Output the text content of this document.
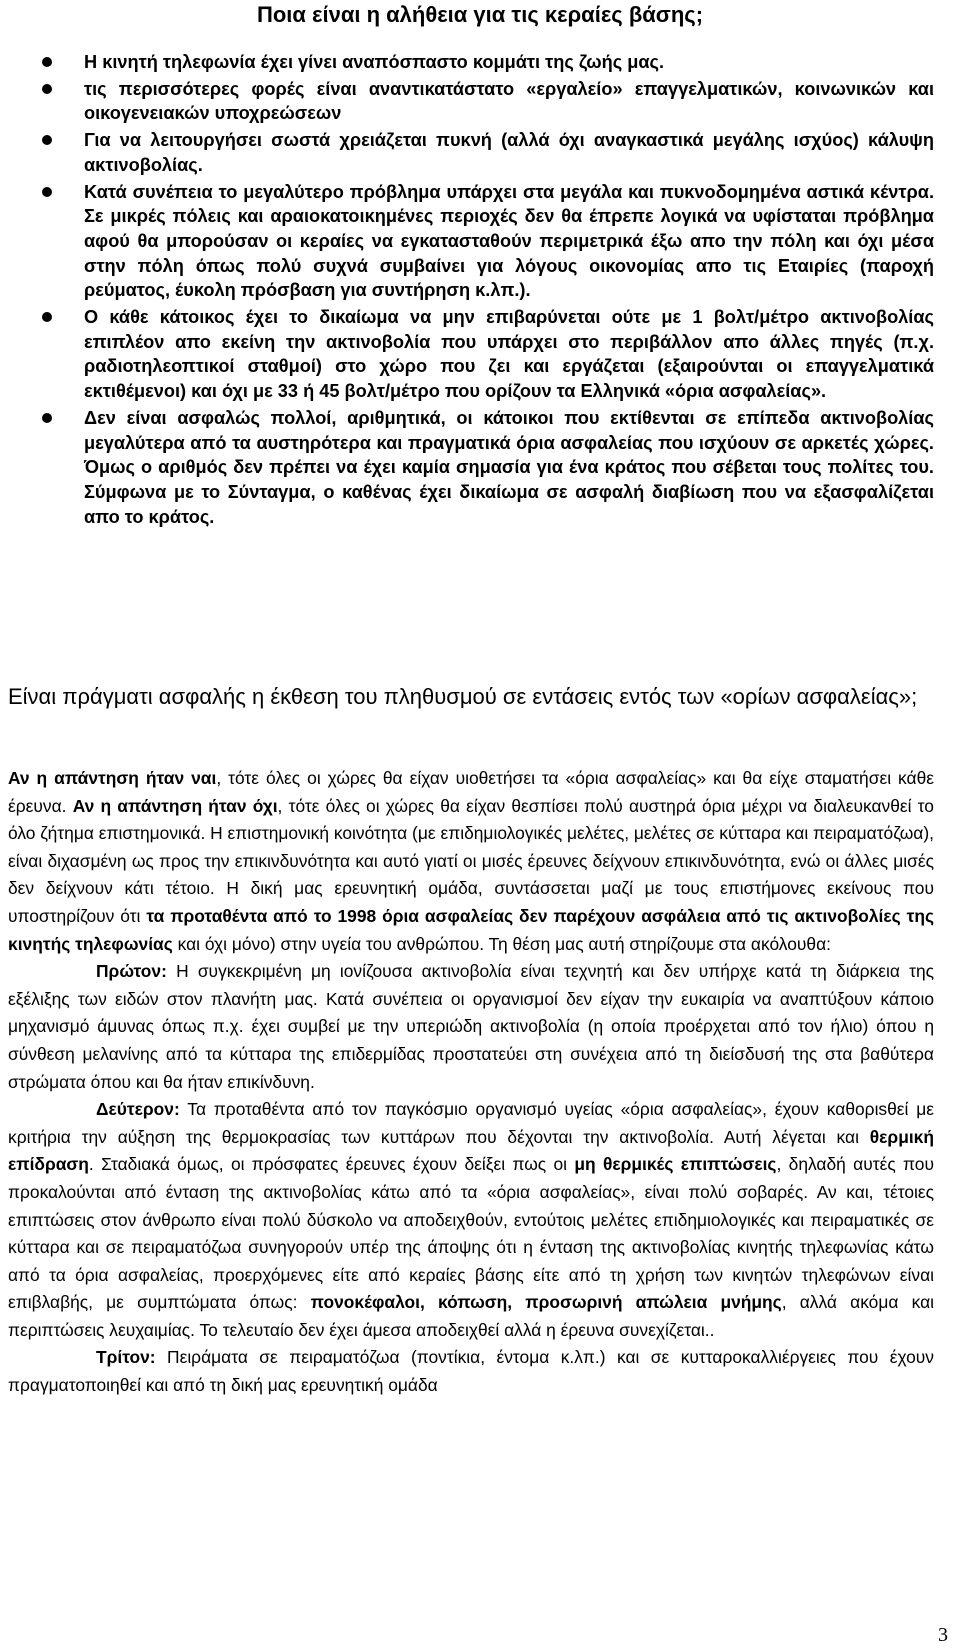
Ποια είναι η αλήθεια για τις κεραίες βάσης;
Η κινητή τηλεφωνία έχει γίνει αναπόσπαστο κομμάτι της ζωής μας.
τις περισσότερες φορές είναι αναντικατάστατο «εργαλείο» επαγγελματικών, κοινωνικών και οικογενειακών υποχρεώσεων
Για να λειτουργήσει σωστά χρειάζεται πυκνή (αλλά όχι αναγκαστικά μεγάλης ισχύος) κάλυψη ακτινοβολίας.
Κατά συνέπεια το μεγαλύτερο πρόβλημα υπάρχει στα μεγάλα και πυκνοδομημένα αστικά κέντρα. Σε μικρές πόλεις και αραιοκατοικημένες περιοχές δεν θα έπρεπε λογικά να υφίσταται πρόβλημα αφού θα μπορούσαν οι κεραίες να εγκατασταθούν περιμετρικά έξω απο την πόλη και όχι μέσα στην πόλη όπως πολύ συχνά συμβαίνει για λόγους οικονομίας απο τις Εταιρίες (παροχή ρεύματος, έυκολη πρόσβαση για συντήρηση κ.λπ.).
Ο κάθε κάτοικος έχει το δικαίωμα να μην επιβαρύνεται ούτε με 1 βολτ/μέτρο ακτινοβολίας επιπλέον απο εκείνη την ακτινοβολία που υπάρχει στο περιβάλλον απο άλλες πηγές (π.χ. ραδιοτηλεοπτικοί σταθμοί) στο χώρο που ζει και εργάζεται (εξαιρούνται οι επαγγελματικά εκτιθέμενοι) και όχι με 33 ή 45 βολτ/μέτρο που ορίζουν τα Ελληνικά «όρια ασφαλείας».
Δεν είναι ασφαλώς πολλοί, αριθμητικά, οι κάτοικοι που εκτίθενται σε επίπεδα ακτινοβολίας μεγαλύτερα από τα αυστηρότερα και πραγματικά όρια ασφαλείας που ισχύουν σε αρκετές χώρες. Όμως ο αριθμός δεν πρέπει να έχει καμία σημασία για ένα κράτος που σέβεται τους πολίτες του. Σύμφωνα με το Σύνταγμα, ο καθένας έχει δικαίωμα σε ασφαλή διαβίωση που να εξασφαλίζεται απο το κράτος.
Είναι πράγματι ασφαλής η έκθεση του πληθυσμού σε εντάσεις εντός των «ορίων ασφαλείας»;

Αν η απάντηση ήταν ναι, τότε όλες οι χώρες θα είχαν υιοθετήσει τα «όρια ασφαλείας» και θα είχε σταματήσει κάθε έρευνα. Αν η απάντηση ήταν όχι, τότε όλες οι χώρες θα είχαν θεσπίσει πολύ αυστηρά όρια μέχρι να διαλευκανθεί το όλο ζήτημα επιστημονικά. Η επιστημονική κοινότητα (με επιδημιολογικές μελέτες, μελέτες σε κύτταρα και πειραματόζωα), είναι διχασμένη ως προς την επικινδυνότητα και αυτό γιατί οι μισές έρευνες δείχνουν επικινδυνότητα, ενώ οι άλλες μισές δεν δείχνουν κάτι τέτοιο. Η δική μας ερευνητική ομάδα, συντάσσεται μαζί με τους επιστήμονες εκείνους που υποστηρίζουν ότι τα προταθέντα από το 1998 όρια ασφαλείας δεν παρέχουν ασφάλεια από τις ακτινοβολίες της κινητής τηλεφωνίας και όχι μόνο) στην υγεία του ανθρώπου. Τη θέση μας αυτή στηρίζουμε στα ακόλουθα:

Πρώτον: Η συγκεκριμένη μη ιονίζουσα ακτινοβολία είναι τεχνητή και δεν υπήρχε κατά τη διάρκεια της εξέλιξης των ειδών στον πλανήτη μας. Κατά συνέπεια οι οργανισμοί δεν είχαν την ευκαιρία να αναπτύξουν κάποιο μηχανισμό άμυνας όπως π.χ. έχει συμβεί με την υπεριώδη ακτινοβολία (η οποία προέρχεται από τον ήλιο) όπου η σύνθεση μελανίνης από τα κύτταρα της επιδερμίδας προστατεύει στη συνέχεια από τη διείσδυσή της στα βαθύτερα στρώματα όπου και θα ήταν επικίνδυνη.

Δεύτερον: Τα προταθέντα από τον παγκόσμιο οργανισμό υγείας «όρια ασφαλείας», έχουν καθοριsθεί με κριτήρια την αύξηση της θερμοκρασίας των κυττάρων που δέχονται την ακτινοβολία. Αυτή λέγεται και θερμική επίδραση. Σταδιακά όμως, οι πρόσφατες έρευνες έχουν δείξει πως οι μη θερμικές επιπτώσεις, δηλαδή αυτές που προκαλούνται από ένταση της ακτινοβολίας κάτω από τα «όρια ασφαλείας», είναι πολύ σοβαρές. Αν και, τέτοιες επιπτώσεις στον άνθρωπο είναι πολύ δύσκολο να αποδειχθούν, εντούτοις μελέτες επιδημιολογικές και πειραματικές σε κύτταρα και σε πειραματόζωα συνηγορούν υπέρ της άποψης ότι η ένταση της ακτινοβολίας κινητής τηλεφωνίας κάτω από τα όρια ασφαλείας, προερχόμενες είτε από κεραίες βάσης είτε από τη χρήση των κινητών τηλεφώνων είναι επιβλαβής, με συμπτώματα όπως: πονοκέφαλοι, κόπωση, προσωρινή απώλεια μνήμης, αλλά ακόμα και περιπτώσεις λευχαιμίας. Το τελευταίο δεν έχει άμεσα αποδειχθεί αλλά η έρευνα συνεχίζεται..

Τρίτον: Πειράματα σε πειραματόζωα (ποντίκια, έντομα κ.λπ.) και σε κυτταροκαλλιέργειες που έχουν πραγματοποιηθεί και από τη δική μας ερευνητική ομάδα

3
